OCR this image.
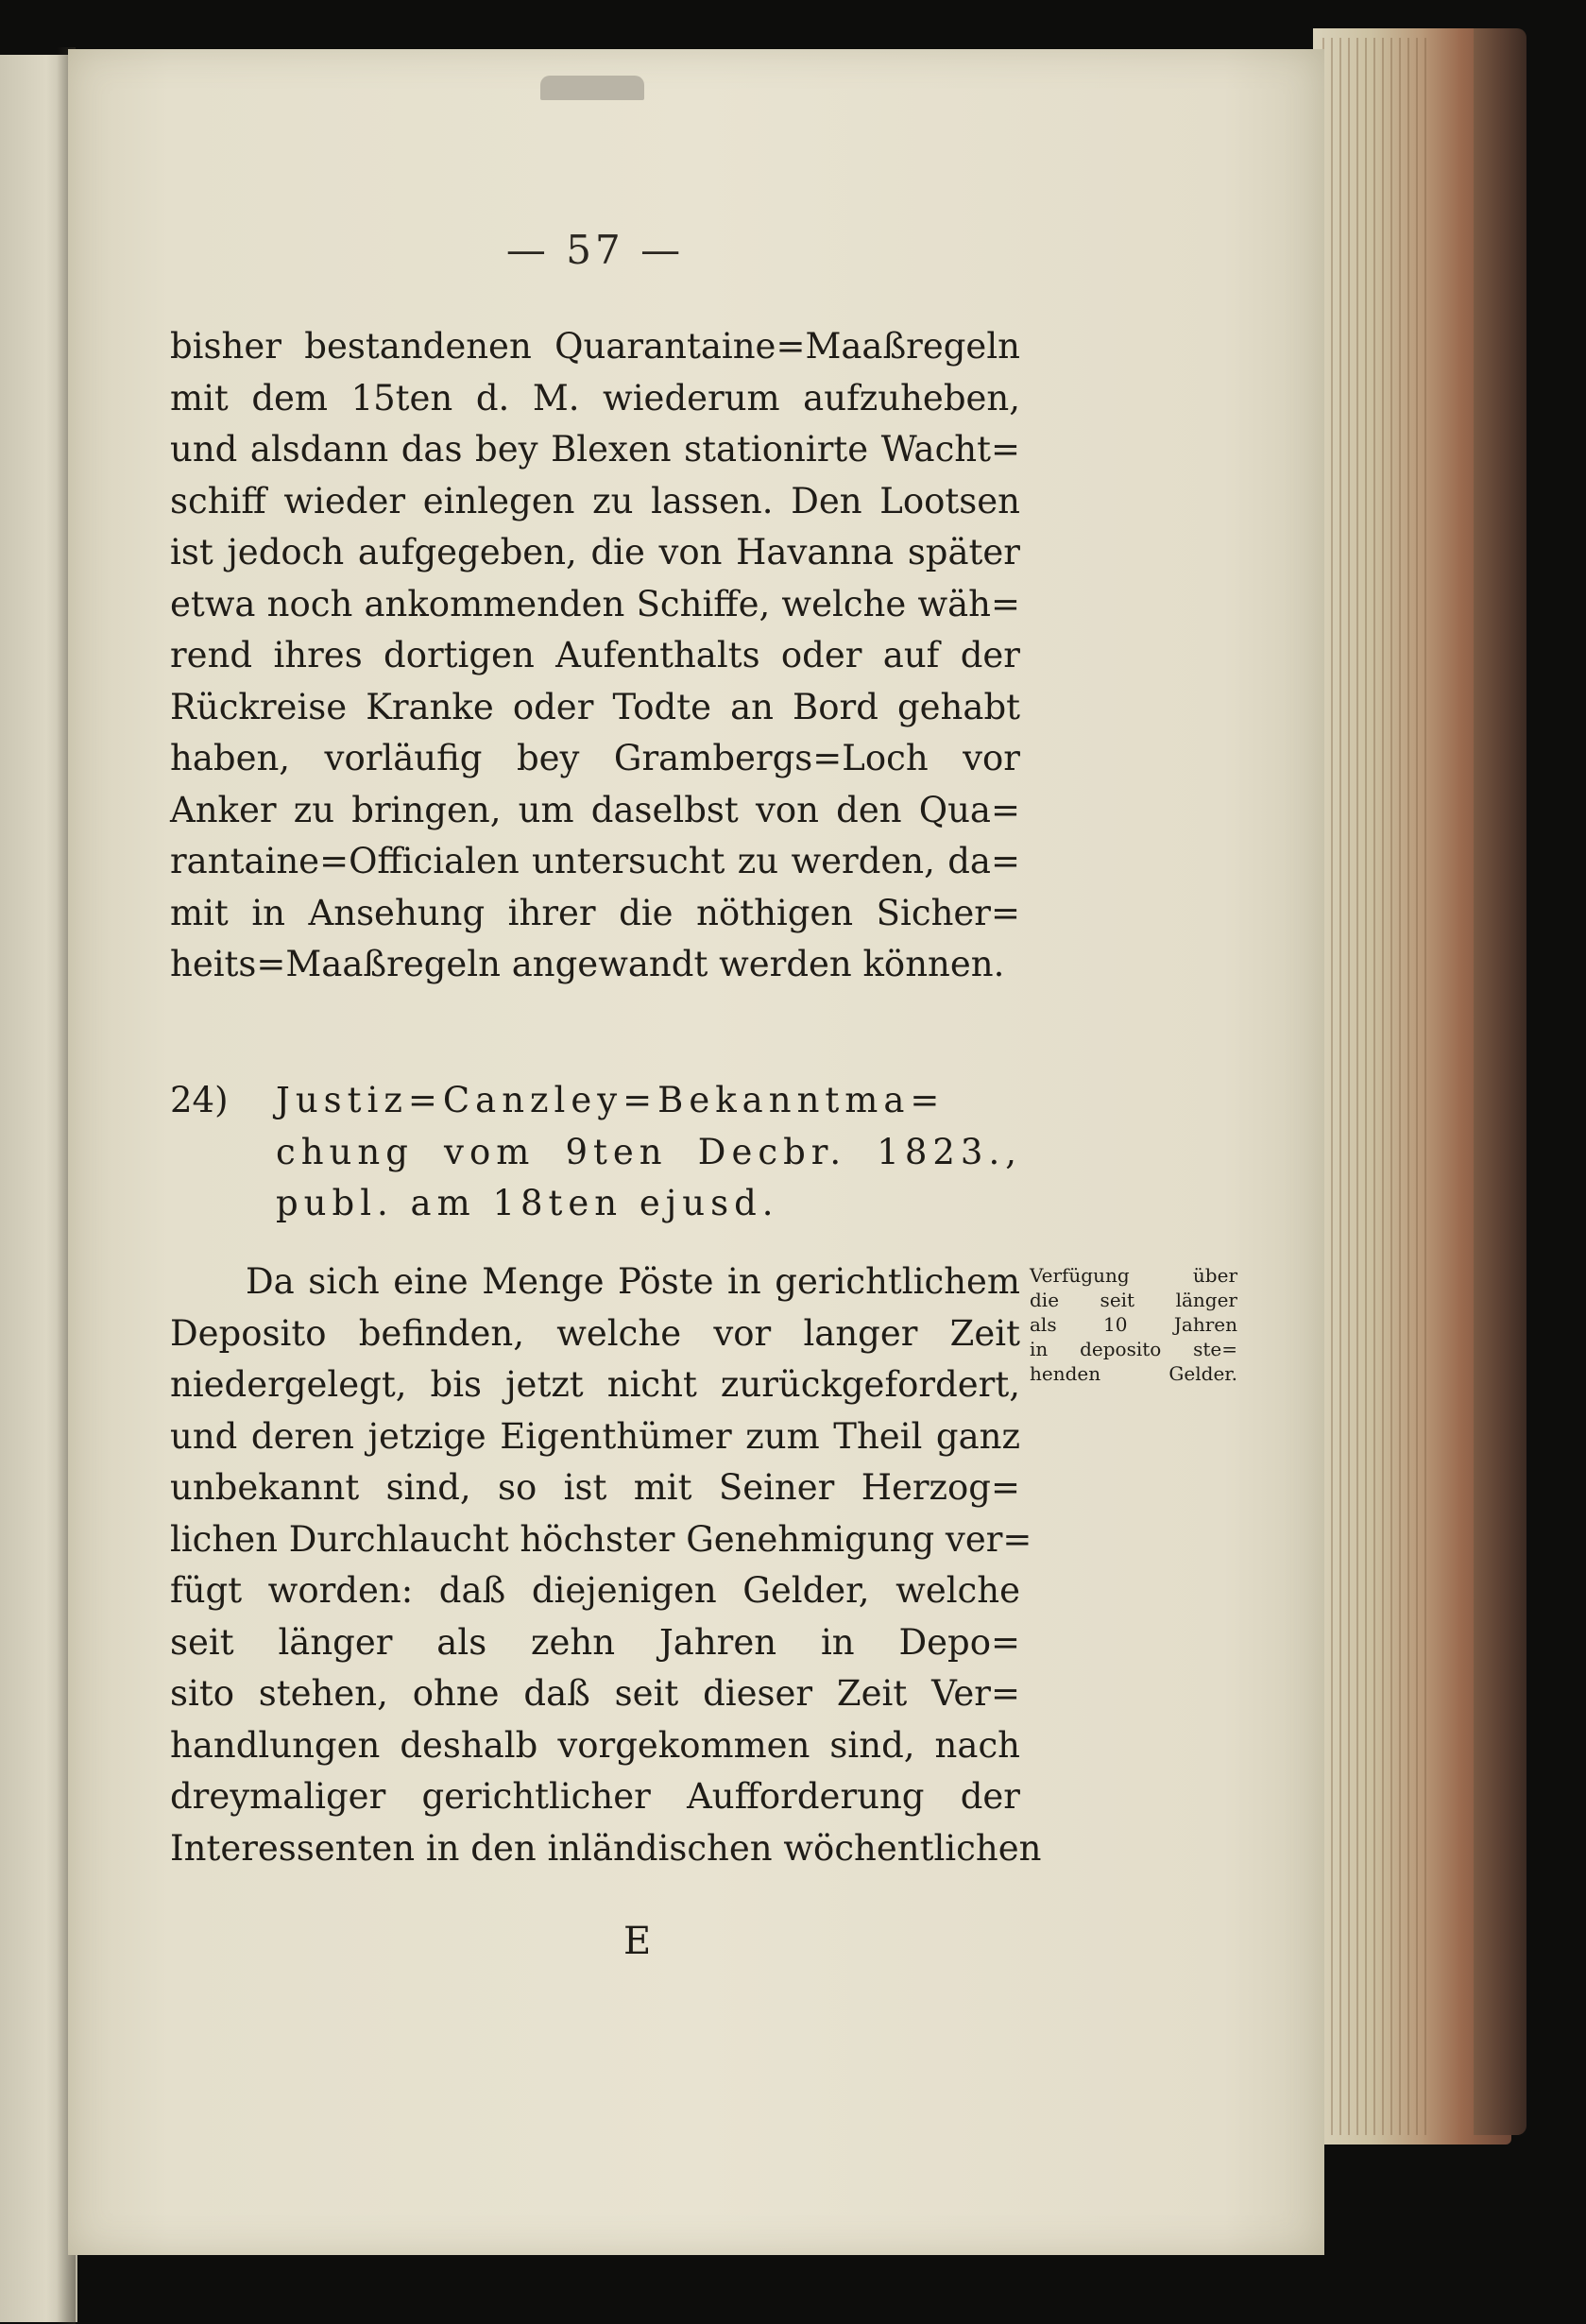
— 57 —
bisher bestandenen Quarantaine=Maaßregeln
mit dem 15ten d. M. wiederum aufzuheben,
und alsdann das bey Blexen stationirte Wacht=
schiff wieder einlegen zu lassen. Den Lootsen
ist jedoch aufgegeben, die von Havanna später
etwa noch ankommenden Schiffe, welche wäh=
rend ihres dortigen Aufenthalts oder auf der
Rückreise Kranke oder Todte an Bord gehabt
haben, vorläufig bey Grambergs=Loch vor
Anker zu bringen, um daselbst von den Qua=
rantaine=Officialen untersucht zu werden, da=
mit in Ansehung ihrer die nöthigen Sicher=
heits=Maaßregeln angewandt werden können.
24)	Justiz=Canzley=Bekanntma=
chung vom 9ten Decbr. 1823.,
publ. am 18ten ejusd.
Da sich eine Menge Pöste in gerichtlichem
Deposito befinden, welche vor langer Zeit
niedergelegt, bis jetzt nicht zurückgefordert,
und deren jetzige Eigenthümer zum Theil ganz
unbekannt sind, so ist mit Seiner Herzog=
lichen Durchlaucht höchster Genehmigung ver=
fügt worden: daß diejenigen Gelder, welche
seit länger als zehn Jahren in Depo=
sito stehen, ohne daß seit dieser Zeit Ver=
handlungen deshalb vorgekommen sind, nach
dreymaliger gerichtlicher Aufforderung der
Interessenten in den inländischen wöchentlichen
Verfügung über
die seit länger
als 10 Jahren
in deposito ste=
henden Gelder.
E
